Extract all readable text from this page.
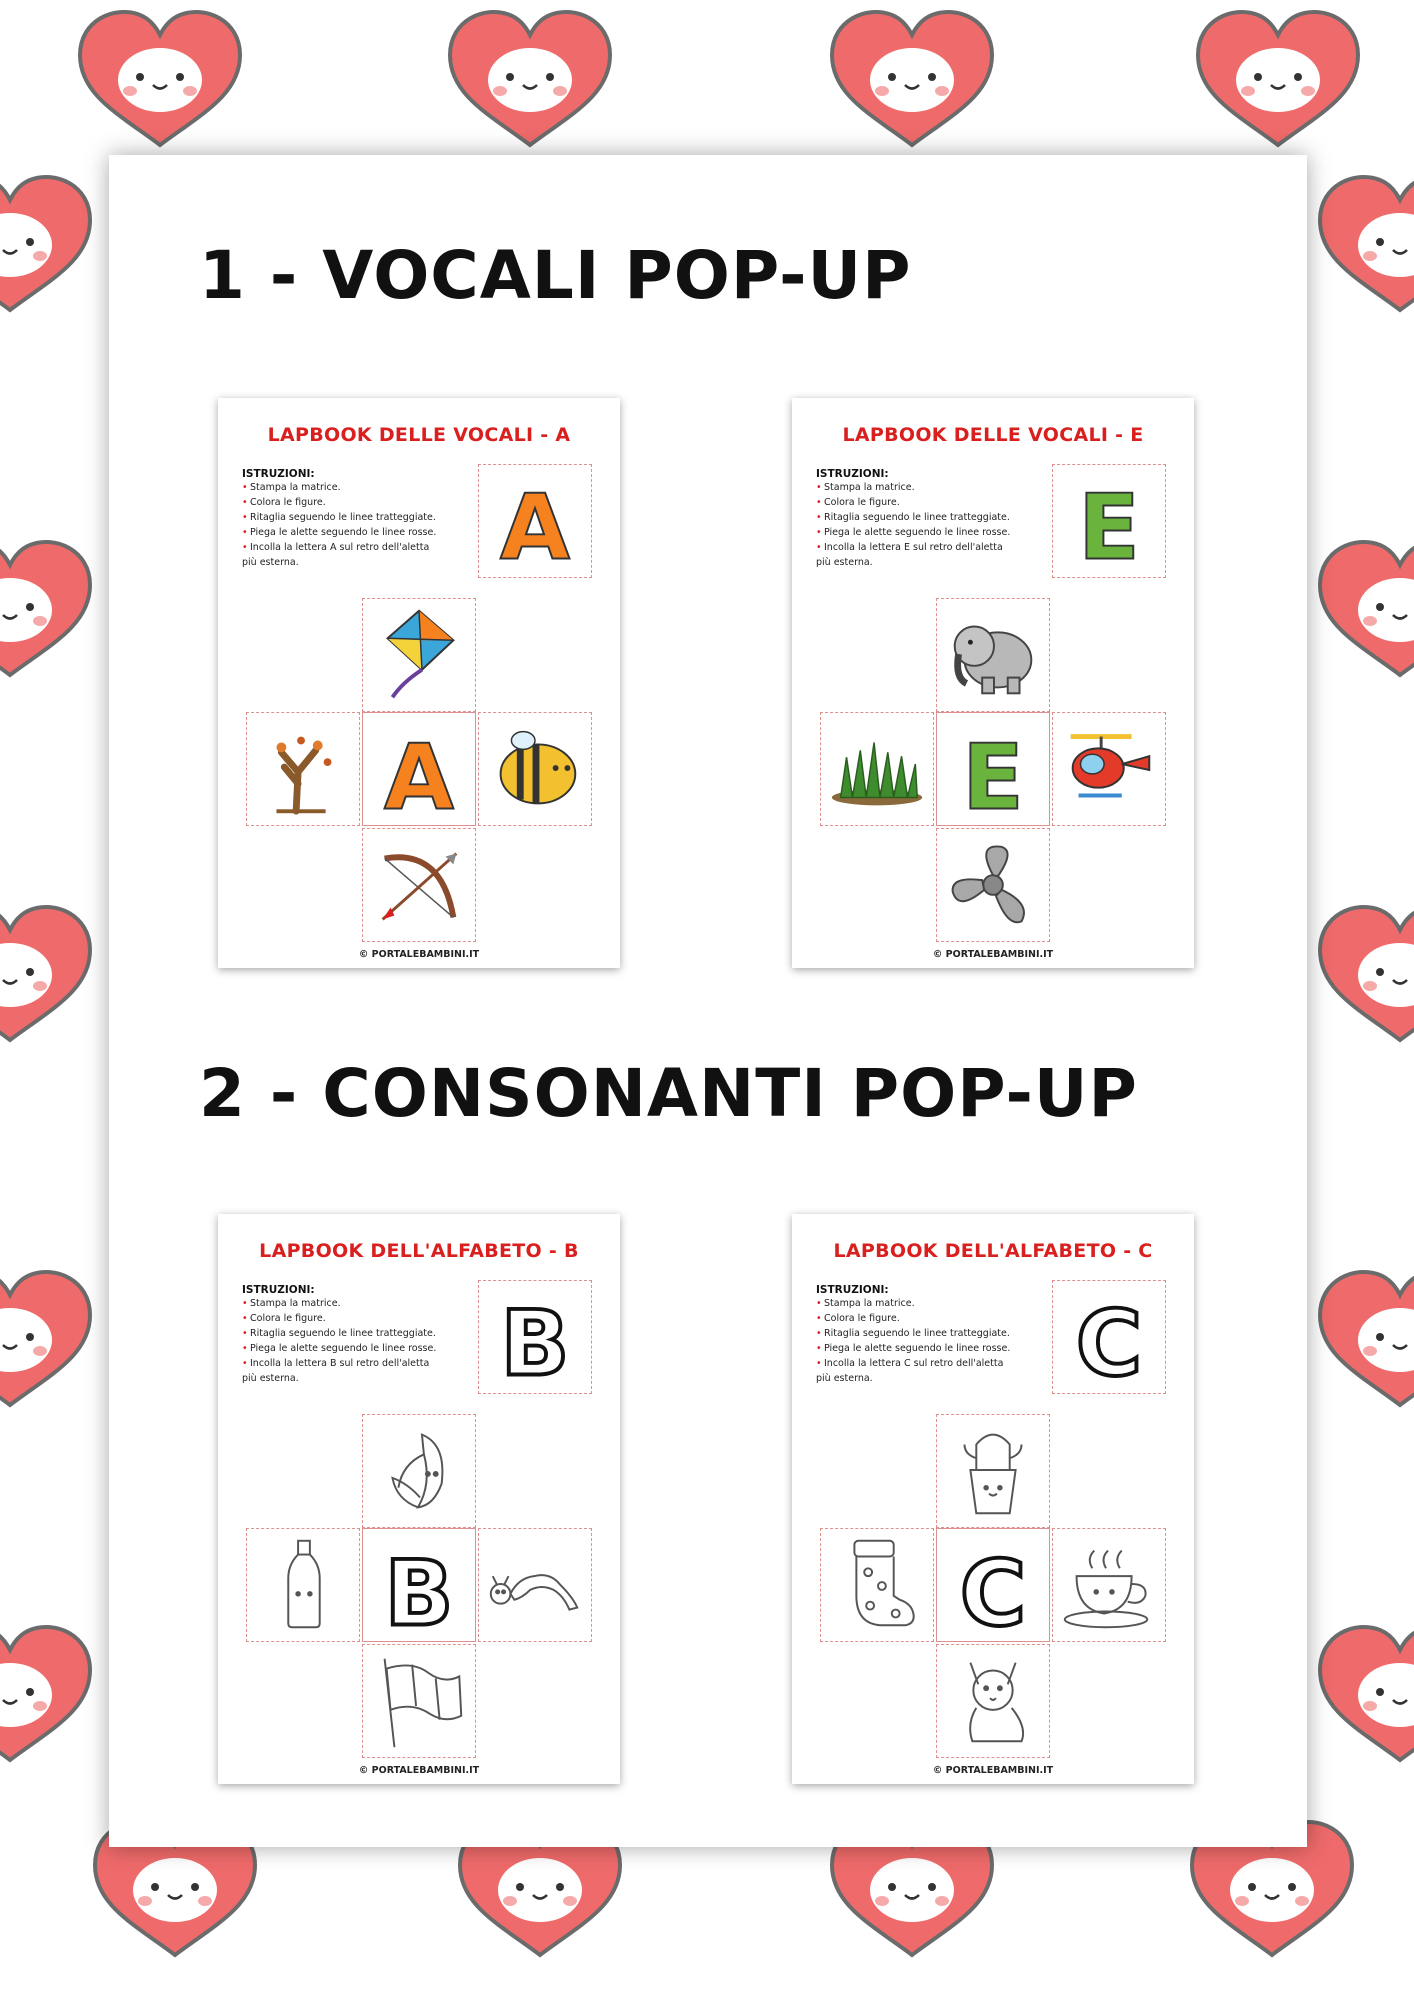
1 - VOCALI POP-UP
LAPBOOK DELLE VOCALI - A
ISTRUZIONI:
• Stampa la matrice.
• Colora le figure.
• Ritaglia seguendo le linee tratteggiate.
• Piega le alette seguendo le linee rosse.
• Incolla la lettera A sul retro dell'aletta
più esterna.	A
A
© PORTALEBAMBINI.IT
LAPBOOK DELLE VOCALI - E
ISTRUZIONI:
• Stampa la matrice.
• Colora le figure.
• Ritaglia seguendo le linee tratteggiate.
• Piega le alette seguendo le linee rosse.
• Incolla la lettera E sul retro dell'aletta
più esterna.	E
E
© PORTALEBAMBINI.IT
2 - CONSONANTI POP-UP
LAPBOOK DELL'ALFABETO - B
ISTRUZIONI:
• Stampa la matrice.
• Colora le figure.
• Ritaglia seguendo le linee tratteggiate.
• Piega le alette seguendo le linee rosse.
• Incolla la lettera B sul retro dell'aletta
più esterna.	B
B
© PORTALEBAMBINI.IT
LAPBOOK DELL'ALFABETO - C
ISTRUZIONI:
• Stampa la matrice.
• Colora le figure.
• Ritaglia seguendo le linee tratteggiate.
• Piega le alette seguendo le linee rosse.
• Incolla la lettera C sul retro dell'aletta
più esterna.	C
C
© PORTALEBAMBINI.IT
